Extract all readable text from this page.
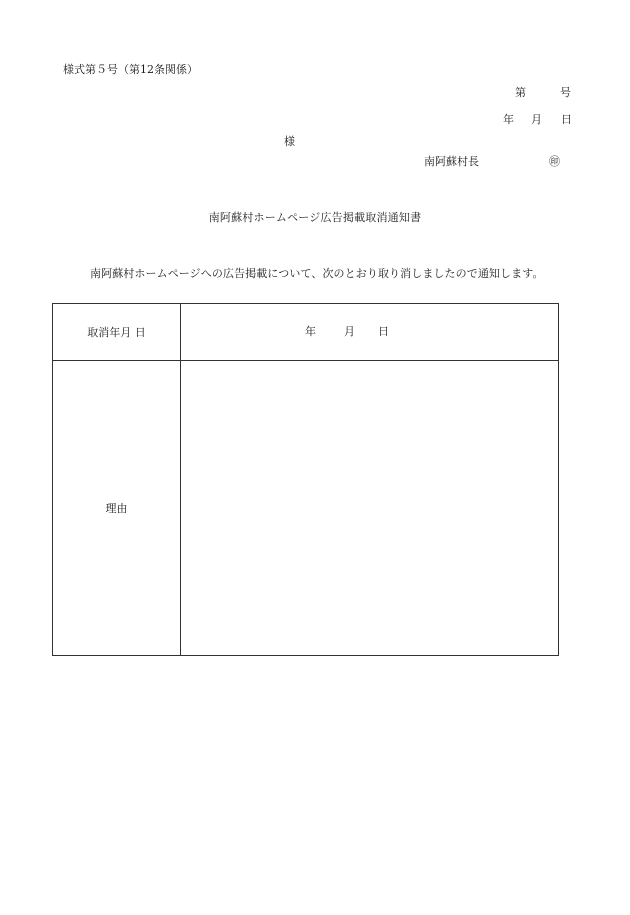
様式第５号（第12条関係）
第	号
年 月 日
様
南阿蘇村長	㊞
南阿蘇村ホームページ広告掲載取消通知書
南阿蘇村ホームページへの広告掲載について、次のとおり取り消しましたので通知します。
取消年月 日	年	月 日
理由
